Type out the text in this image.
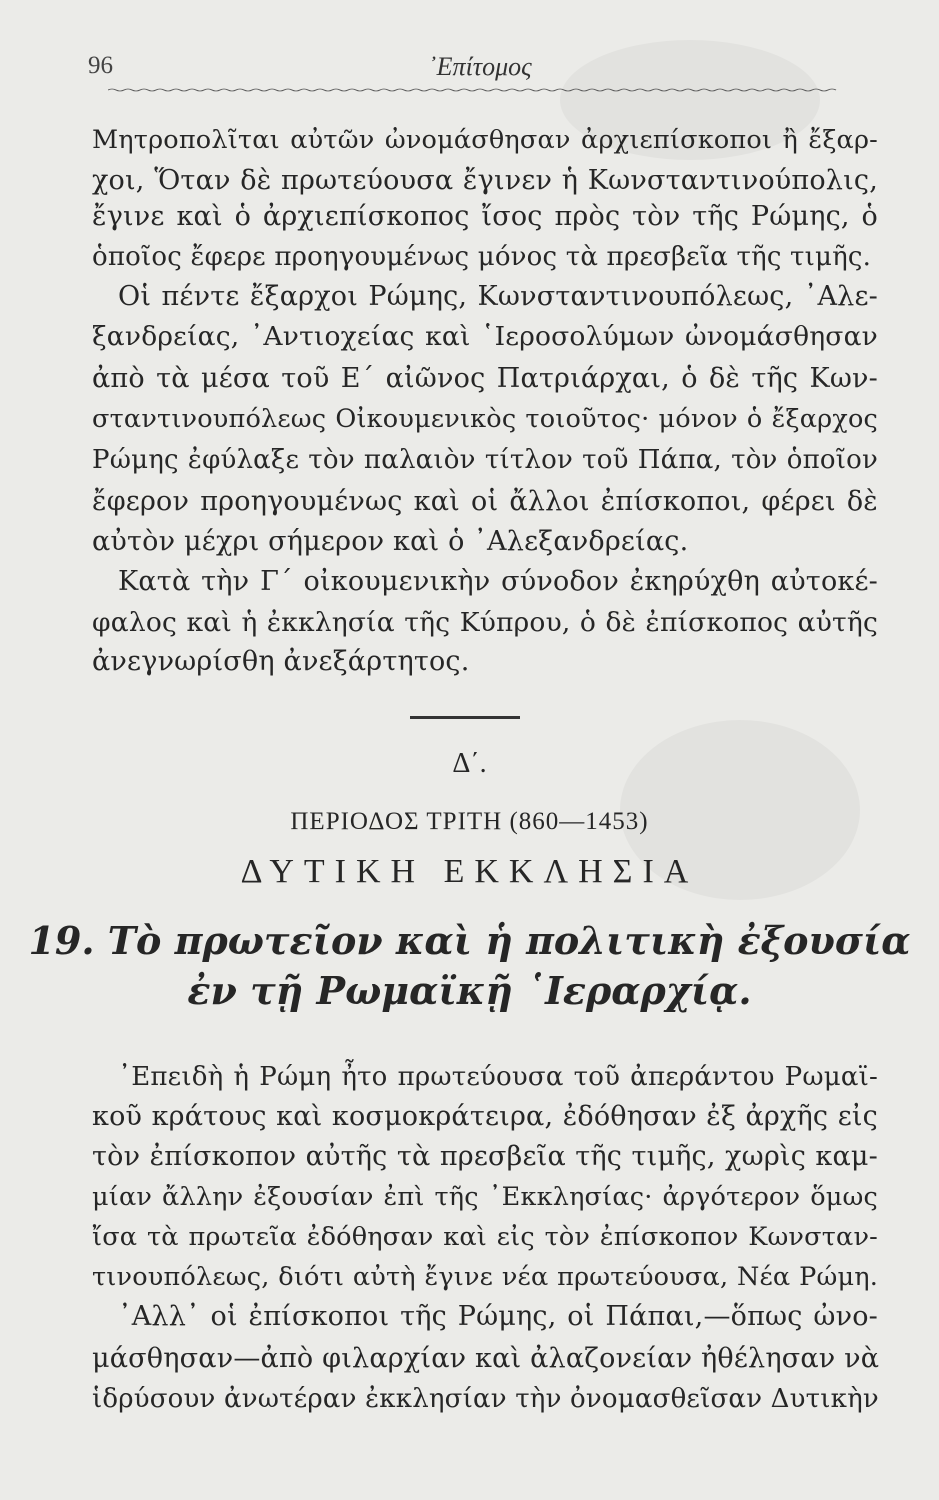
96	᾿Επίτομος
Μητροπολῖται αὐτῶν ὠνομάσθησαν ἀρχιεπίσκοποι ἢ ἔξαρ-
χοι, Ὅταν δὲ πρωτεύουσα ἔγινεν ἡ Κωνσταντινούπολις,
ἔγινε καὶ ὁ ἀρχιεπίσκοπος ἴσος πρὸς τὸν τῆς Ρώμης, ὁ
ὁποῖος ἔφερε προηγουμένως μόνος τὰ πρεσβεῖα τῆς τιμῆς.
Οἱ πέντε ἔξαρχοι Ρώμης, Κωνσταντινουπόλεως, ᾿Αλε-
ξανδρείας, ᾿Αντιοχείας καὶ ῾Ιεροσολύμων ὠνομάσθησαν
ἀπὸ τὰ μέσα τοῦ Ε΄ αἰῶνος Πατριάρχαι, ὁ δὲ τῆς Κων-
σταντινουπόλεως Οἰκουμενικὸς τοιοῦτος· μόνον ὁ ἔξαρχος
Ρώμης ἐφύλαξε τὸν παλαιὸν τίτλον τοῦ Πάπα, τὸν ὁποῖον
ἔφερον προηγουμένως καὶ οἱ ἄλλοι ἐπίσκοποι, φέρει δὲ
αὐτὸν μέχρι σήμερον καὶ ὁ ᾿Αλεξανδρείας.
Κατὰ τὴν Γ΄ οἰκουμενικὴν σύνοδον ἐκηρύχθη αὐτοκέ-
φαλος καὶ ἡ ἐκκλησία τῆς Κύπρου, ὁ δὲ ἐπίσκοπος αὐτῆς
ἀνεγνωρίσθη ἀνεξάρτητος.
Δ΄.
ΠΕΡΙΟΔΟΣ ΤΡΙΤΗ (860—1453)
ΔΥΤΙΚΗ ΕΚΚΛΗΣΙΑ
19. Τὸ πρωτεῖον καὶ ἡ πολιτικὴ ἐξουσία
ἐν τῇ Ρωμαϊκῇ ῾Ιεραρχίᾳ.
᾿Επειδὴ ἡ Ρώμη ἦτο πρωτεύουσα τοῦ ἀπεράντου Ρωμαϊ-
κοῦ κράτους καὶ κοσμοκράτειρα, ἐδόθησαν ἐξ ἀρχῆς εἰς
τὸν ἐπίσκοπον αὐτῆς τὰ πρεσβεῖα τῆς τιμῆς, χωρὶς καμ-
μίαν ἄλλην ἐξουσίαν ἐπὶ τῆς ᾿Εκκλησίας· ἀργότερον ὅμως
ἴσα τὰ πρωτεῖα ἐδόθησαν καὶ εἰς τὸν ἐπίσκοπον Κωνσταν-
τινουπόλεως, διότι αὐτὴ ἔγινε νέα πρωτεύουσα, Νέα Ρώμη.
᾿Αλλ᾿ οἱ ἐπίσκοποι τῆς Ρώμης, οἱ Πάπαι,—ὅπως ὠνο-
μάσθησαν—ἀπὸ φιλαρχίαν καὶ ἀλαζονείαν ἠθέλησαν νὰ
ἱδρύσουν ἀνωτέραν ἐκκλησίαν τὴν ὀνομασθεῖσαν Δυτικὴν
